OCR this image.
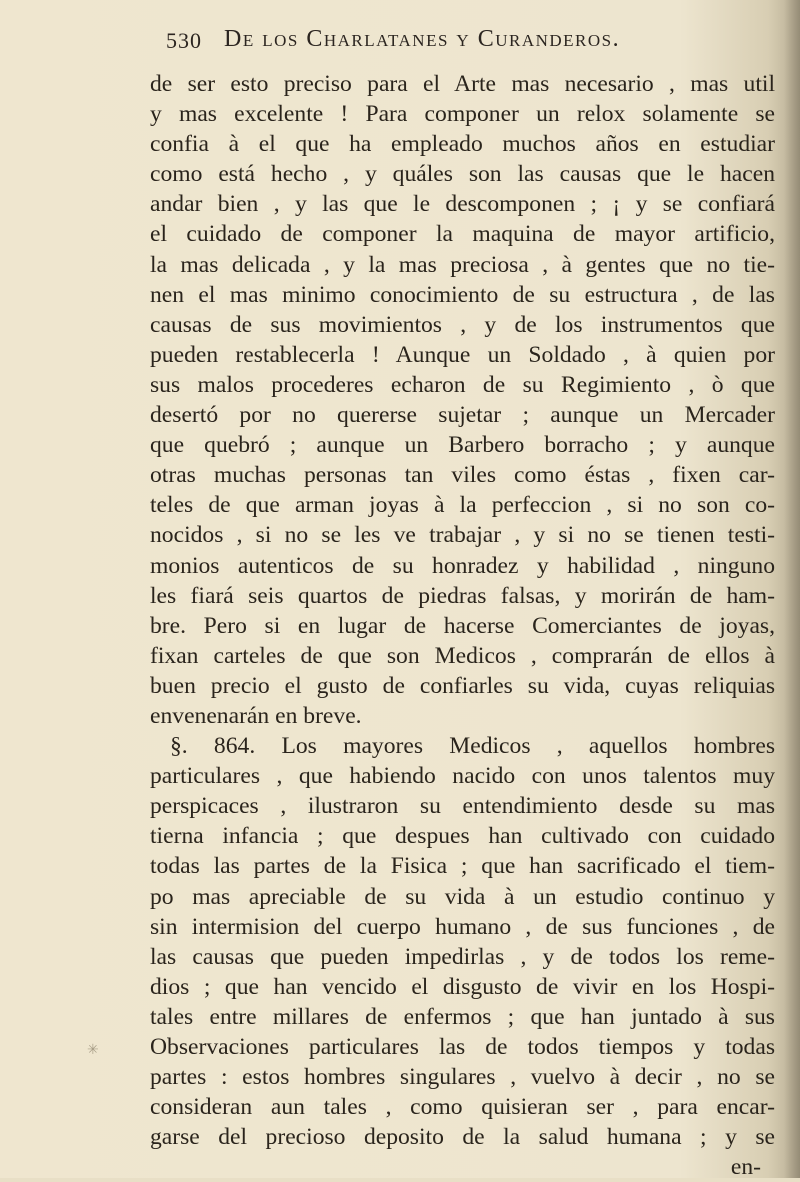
530 De los Charlatanes y Curanderos.
de ser esto preciso para el Arte mas necesario , mas util
y mas excelente ! Para componer un relox solamente se
confia à el que ha empleado muchos años en estudiar
como está hecho , y quáles son las causas que le hacen
andar bien , y las que le descomponen ; ¡ y se confiará
el cuidado de componer la maquina de mayor artificio,
la mas delicada , y la mas preciosa , à gentes que no tie-
nen el mas minimo conocimiento de su estructura , de las
causas de sus movimientos , y de los instrumentos que
pueden restablecerla ! Aunque un Soldado , à quien por
sus malos procederes echaron de su Regimiento , ò que
desertó por no quererse sujetar ; aunque un Mercader
que quebró ; aunque un Barbero borracho ; y aunque
otras muchas personas tan viles como éstas , fixen car-
teles de que arman joyas à la perfeccion , si no son co-
nocidos , si no se les ve trabajar , y si no se tienen testi-
monios autenticos de su honradez y habilidad , ninguno
les fiará seis quartos de piedras falsas, y morirán de ham-
bre. Pero si en lugar de hacerse Comerciantes de joyas,
fixan carteles de que son Medicos , comprarán de ellos à
buen precio el gusto de confiarles su vida, cuyas reliquias
envenenarán en breve.
§. 864. Los mayores Medicos , aquellos hombres
particulares , que habiendo nacido con unos talentos muy
perspicaces , ilustraron su entendimiento desde su mas
tierna infancia ; que despues han cultivado con cuidado
todas las partes de la Fisica ; que han sacrificado el tiem-
po mas apreciable de su vida à un estudio continuo y
sin intermision del cuerpo humano , de sus funciones , de
las causas que pueden impedirlas , y de todos los reme-
dios ; que han vencido el disgusto de vivir en los Hospi-
tales entre millares de enfermos ; que han juntado à sus
Observaciones particulares las de todos tiempos y todas
partes : estos hombres singulares , vuelvo à decir , no se
consideran aun tales , como quisieran ser , para encar-
garse del precioso deposito de la salud humana ; y se
en-
✳
